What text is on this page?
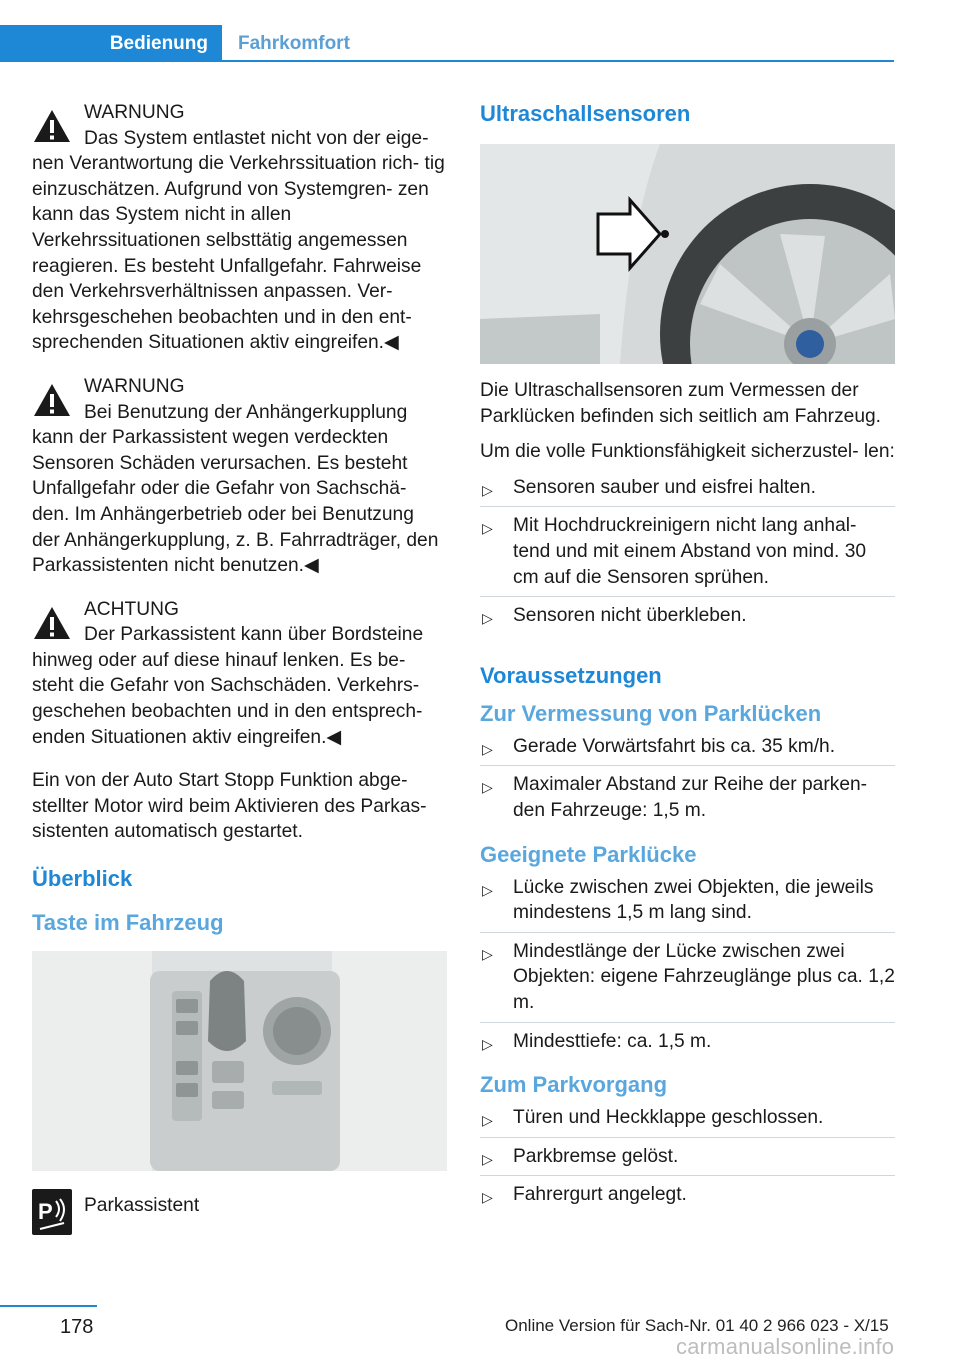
Bedienung	Fahrkomfort
WARNUNG
Das System entlastet nicht von der eige‐
nen Verantwortung die Verkehrssituation rich‐ tig einzuschätzen. Aufgrund von Systemgren‐ zen kann das System nicht in allen Verkehrssituationen selbsttätig angemessen reagieren. Es besteht Unfallgefahr. Fahrweise den Verkehrsverhältnissen anpassen. Ver‐ kehrsgeschehen beobachten und in den ent‐ sprechenden Situationen aktiv eingreifen.◀
WARNUNG
Bei Benutzung der Anhängerkupplung
kann der Parkassistent wegen verdeckten Sensoren Schäden verursachen. Es besteht Unfallgefahr oder die Gefahr von Sachschä‐ den. Im Anhängerbetrieb oder bei Benutzung der Anhängerkupplung, z. B. Fahrradträger, den Parkassistenten nicht benutzen.◀
ACHTUNG
Der Parkassistent kann über Bordsteine
hinweg oder auf diese hinauf lenken. Es be‐ steht die Gefahr von Sachschäden. Verkehrs‐ geschehen beobachten und in den entsprech‐ enden Situationen aktiv eingreifen.◀

Ein von der Auto Start Stopp Funktion abge‐ stellter Motor wird beim Aktivieren des Parkas‐ sistenten automatisch gestartet.

Überblick
Taste im Fahrzeug
P Parkassistent
Ultraschallsensoren

Die Ultraschallsensoren zum Vermessen der Parklücken befinden sich seitlich am Fahrzeug.

Um die volle Funktionsfähigkeit sicherzustel‐ len:

▷ Sensoren sauber und eisfrei halten.
▷ Mit Hochdruckreinigern nicht lang anhal‐ tend und mit einem Abstand von mind. 30 cm auf die Sensoren sprühen.
▷ Sensoren nicht überkleben.
Voraussetzungen
Zur Vermessung von Parklücken
▷ Gerade Vorwärtsfahrt bis ca. 35 km/h.
▷ Maximaler Abstand zur Reihe der parken‐ den Fahrzeuge: 1,5 m.
Geeignete Parklücke
▷ Lücke zwischen zwei Objekten, die jeweils mindestens 1,5 m lang sind.
▷ Mindestlänge der Lücke zwischen zwei Objekten: eigene Fahrzeuglänge plus ca. 1,2 m.
▷ Mindesttiefe: ca. 1,5 m.
Zum Parkvorgang
▷ Türen und Heckklappe geschlossen.
▷ Parkbremse gelöst.
▷ Fahrergurt angelegt.
178	Online Version für Sach-Nr. 01 40 2 966 023 - X/15
carmanualsonline.info
